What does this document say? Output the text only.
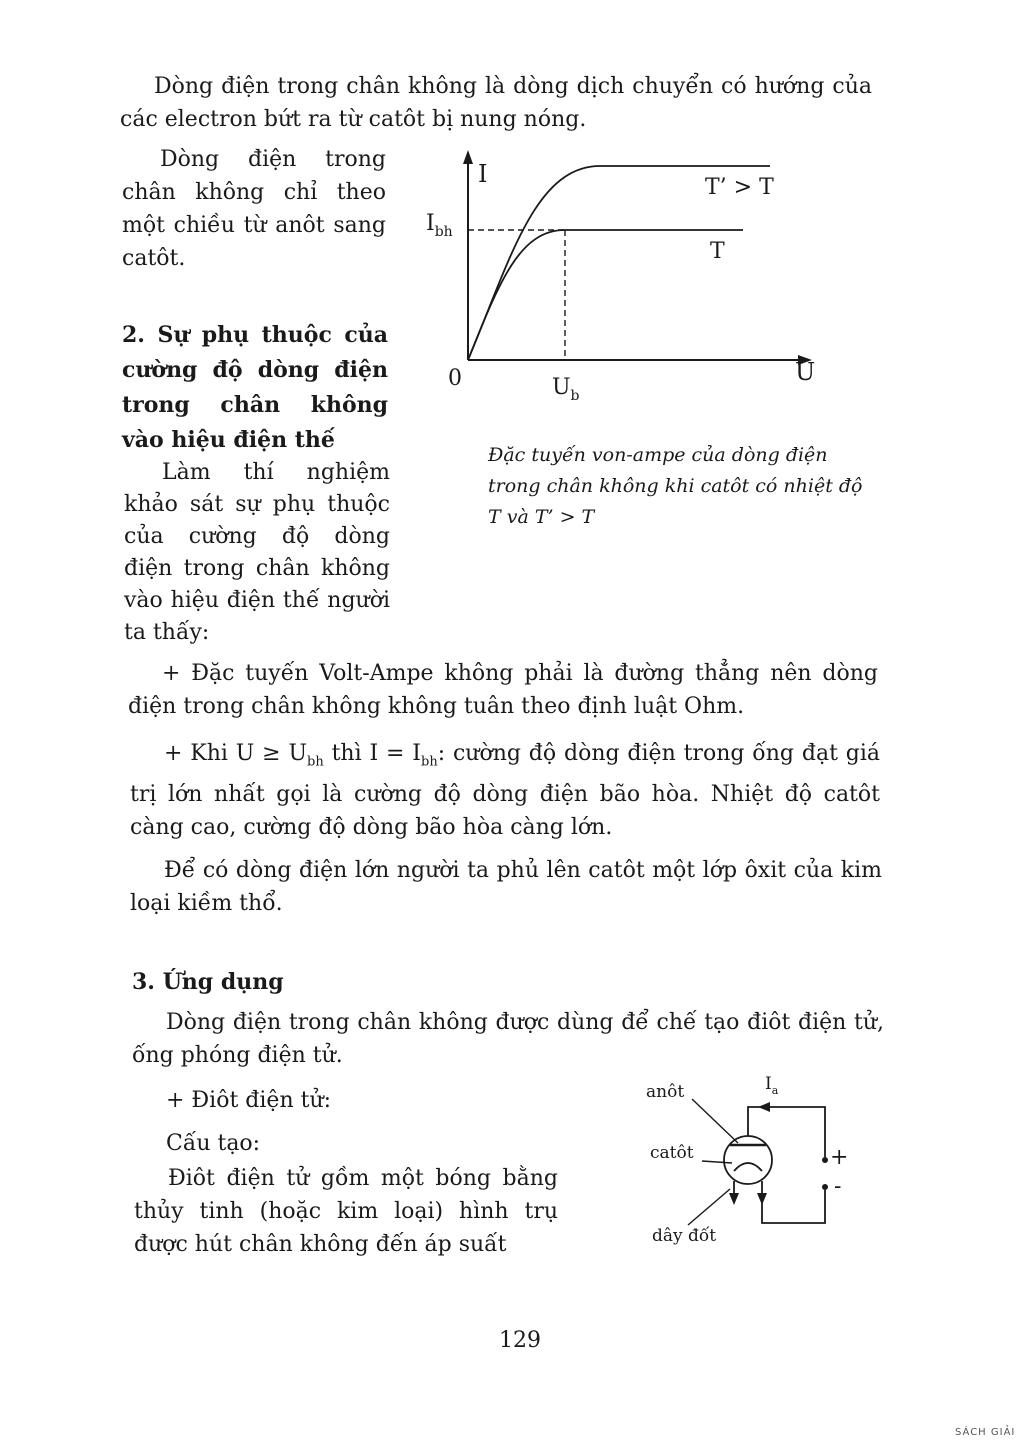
Dòng điện trong chân không là dòng dịch chuyển có hướng của các electron bứt ra từ catôt bị nung nóng.

Dòng điện trong chân không chỉ theo một chiều từ anôt sang catôt.

2. Sự phụ thuộc của cường độ dòng điện trong chân không vào hiệu điện thế

Làm thí nghiệm khảo sát sự phụ thuộc của cường độ dòng điện trong chân không vào hiệu điện thế người ta thấy:

I
U
0
$I_{bh}$
$U_b$
T’ > T
T

Đặc tuyến von-ampe của dòng điện trong chân không khi catôt có nhiệt độ T và T’ > T

+ Đặc tuyến Volt-Ampe không phải là đường thẳng nên dòng điện trong chân không không tuân theo định luật Ohm.

+ Khi $U \ge U_{bh}$ thì $I = I_{bh}$: cường độ dòng điện trong ống đạt giá trị lớn nhất gọi là cường độ dòng điện bão hòa. Nhiệt độ catôt càng cao, cường độ dòng bão hòa càng lớn.

Để có dòng điện lớn người ta phủ lên catôt một lớp ôxit của kim loại kiềm thổ.

3. Ứng dụng

Dòng điện trong chân không được dùng để chế tạo điôt điện tử, ống phóng điện tử.

+ Điôt điện tử:

Cấu tạo:

Điôt điện tử gồm một bóng bằng thủy tinh (hoặc kim loại) hình trụ được hút chân không đến áp suất

anôt	$I_a$
catôt
dây đốt
+
-

129

SÁCH GIẢI
